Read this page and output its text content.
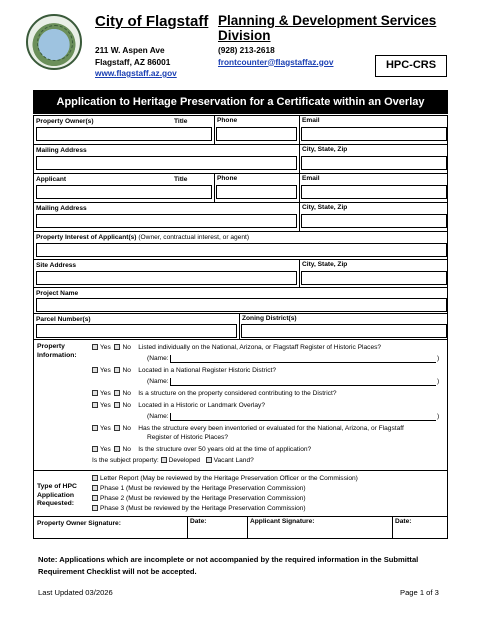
City of Flagstaff Planning & Development Services Division
211 W. Aspen Ave
Flagstaff, AZ 86001
www.flagstaff.az.gov
(928) 213-2618
frontcounter@flagstaffaz.gov	HPC-CRS
Application to Heritage Preservation for a Certificate within an Overlay
Property Owner(s)	Title	Phone	Email
Mailing Address	City, State, Zip
Applicant	Title	Phone	Email
Mailing Address	City, State, Zip
Property Interest of Applicant(s) (Owner, contractual interest, or agent)
Site Address	City, State, Zip
Project Name
Parcel Number(s)	Zoning District(s)
Property
Information:
Yes No Listed individually on the National, Arizona, or Flagstaff Register of Historic Places?
(Name:	)
Yes No Located in a National Register Historic District?
(Name:	)
Yes No Is a structure on the property considered contributing to the District?
Yes No Located in a Historic or Landmark Overlay?
(Name:	)
Yes No Has the structure every been inventoried or evaluated for the National, Arizona, or Flagstaff
Register of Historic Places?
Yes No Is the structure over 50 years old at the time of application?
Is the subject property: Developed Vacant Land?
Type of HPC
Application
Requested:
Letter Report (May be reviewed by the Heritage Preservation Officer or the Commission)
Phase 1 (Must be reviewed by the Heritage Preservation Commission)
Phase 2 (Must be reviewed by the Heritage Preservation Commission)
Phase 3 (Must be reviewed by the Heritage Preservation Commission)
Property Owner Signature:	Date:	Applicant Signature:	Date:
Note: Applications which are incomplete or not accompanied by the required information in the Submittal Requirement Checklist will not be accepted.
Last Updated 03/2026	Page 1 of 3
